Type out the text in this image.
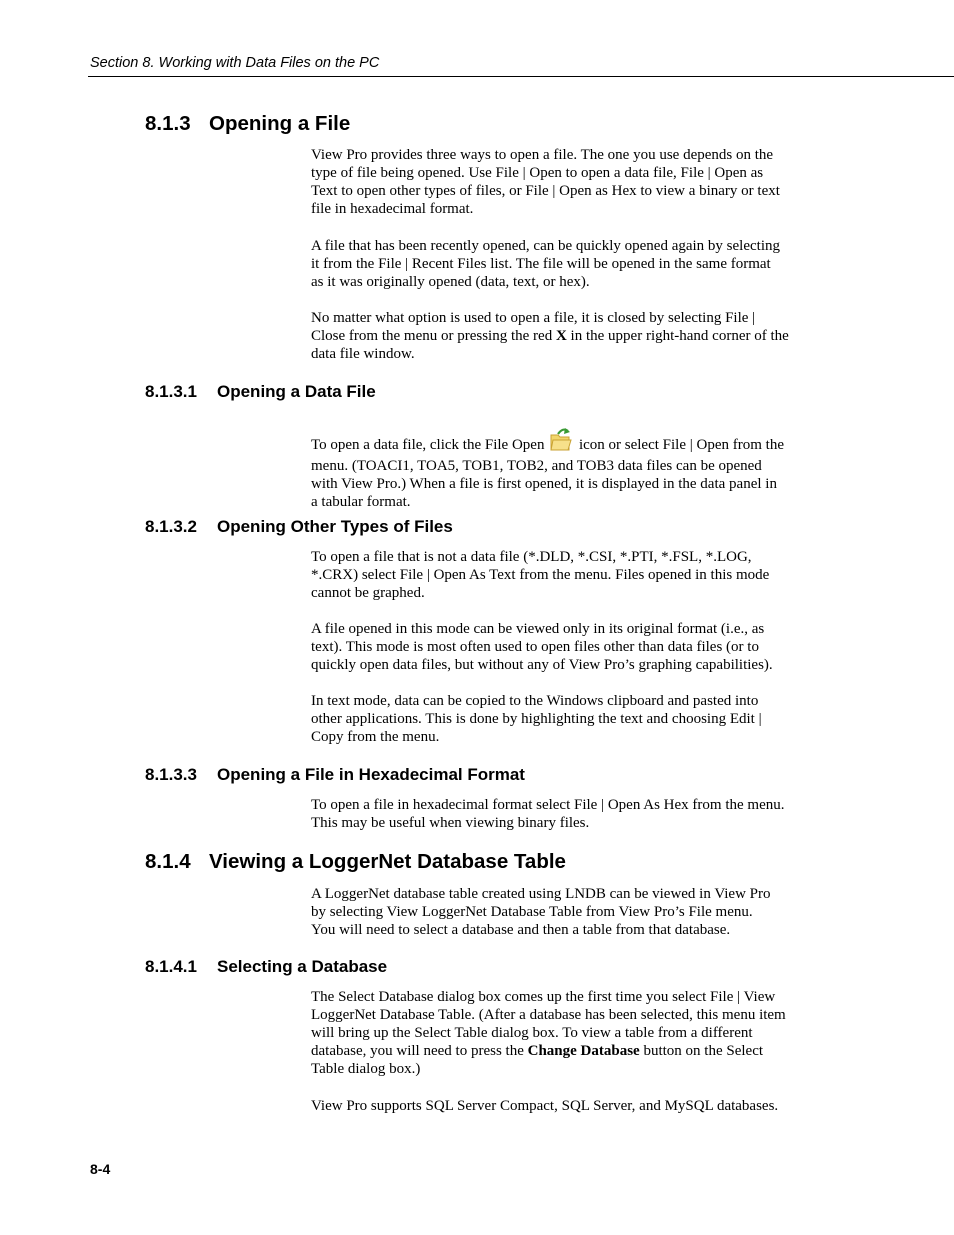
Section 8. Working with Data Files on the PC
8.1.3 Opening a File

View Pro provides three ways to open a file. The one you use depends on the
type of file being opened. Use File | Open to open a data file, File | Open as
Text to open other types of files, or File | Open as Hex to view a binary or text
file in hexadecimal format.

A file that has been recently opened, can be quickly opened again by selecting
it from the File | Recent Files list. The file will be opened in the same format
as it was originally opened (data, text, or hex).

No matter what option is used to open a file, it is closed by selecting File |
Close from the menu or pressing the red X in the upper right-hand corner of the
data file window.

8.1.3.1 Opening a Data File

To open a data file, click the File Open  icon or select File | Open from the
menu. (TOACI1, TOA5, TOB1, TOB2, and TOB3 data files can be opened
with View Pro.) When a file is first opened, it is displayed in the data panel in
a tabular format.

8.1.3.2 Opening Other Types of Files

To open a file that is not a data file (*.DLD, *.CSI, *.PTI, *.FSL, *.LOG,
*.CRX) select File | Open As Text from the menu. Files opened in this mode
cannot be graphed.

A file opened in this mode can be viewed only in its original format (i.e., as
text). This mode is most often used to open files other than data files (or to
quickly open data files, but without any of View Pro’s graphing capabilities).

In text mode, data can be copied to the Windows clipboard and pasted into
other applications. This is done by highlighting the text and choosing Edit |
Copy from the menu.

8.1.3.3 Opening a File in Hexadecimal Format

To open a file in hexadecimal format select File | Open As Hex from the menu.
This may be useful when viewing binary files.

8.1.4 Viewing a LoggerNet Database Table

A LoggerNet database table created using LNDB can be viewed in View Pro
by selecting View LoggerNet Database Table from View Pro’s File menu.
You will need to select a database and then a table from that database.

8.1.4.1 Selecting a Database

The Select Database dialog box comes up the first time you select File | View
LoggerNet Database Table. (After a database has been selected, this menu item
will bring up the Select Table dialog box. To view a table from a different
database, you will need to press the Change Database button on the Select
Table dialog box.)

View Pro supports SQL Server Compact, SQL Server, and MySQL databases.

8-4
